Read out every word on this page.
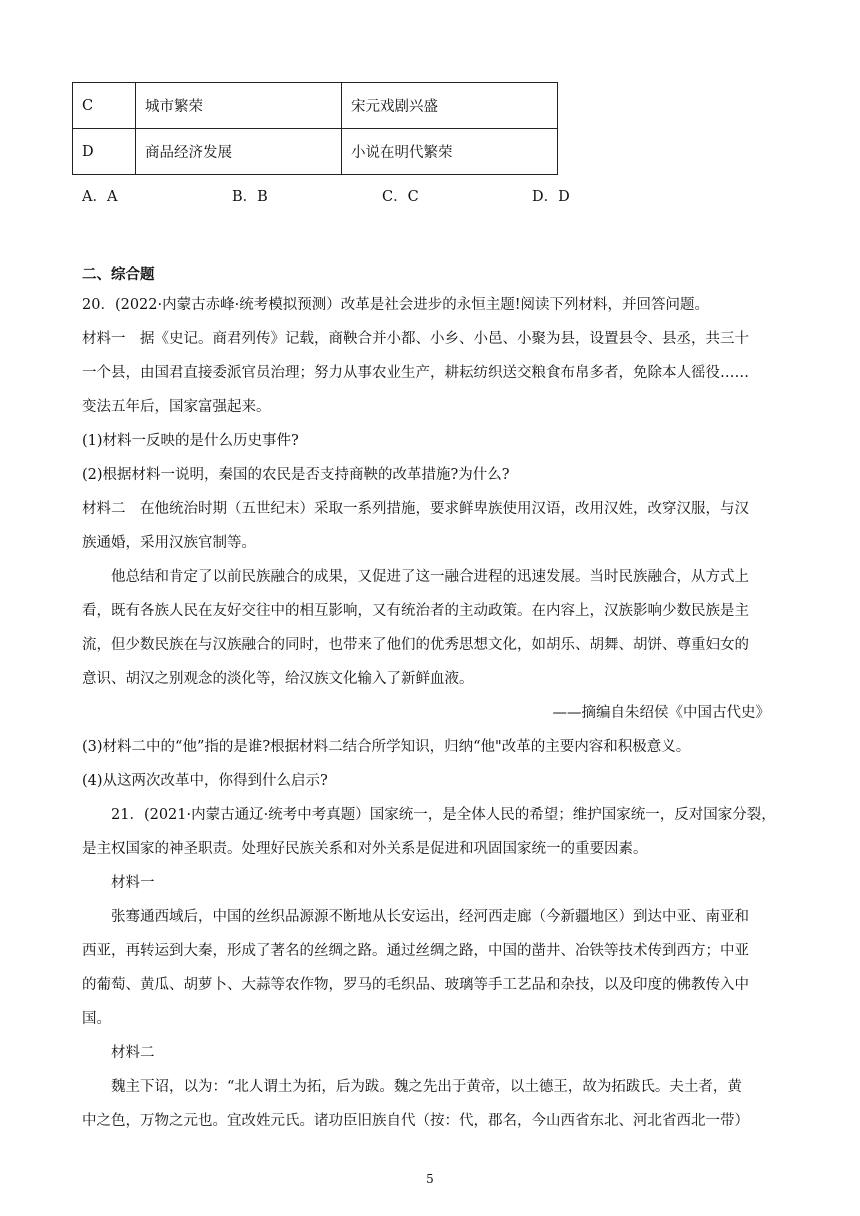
C	城市繁荣	宋元戏剧兴盛
D	商品经济发展	小说在明代繁荣
A．A	B．B	C．C	D．D
二、综合题
20．(2022·内蒙古赤峰·统考模拟预测）改革是社会进步的永恒主题!阅读下列材料，并回答问题。
材料一　据《史记。商君列传》记载，商鞅合并小都、小乡、小邑、小聚为县，设置县令、县丞，共三十
一个县，由国君直接委派官员治理；努力从事农业生产，耕耘纺织送交粮食布帛多者，免除本人徭役……
变法五年后，国家富强起来。
(1)材料一反映的是什么历史事件?
(2)根据材料一说明，秦国的农民是否支持商鞅的改革措施?为什么?
材料二　在他统治时期（五世纪末）采取一系列措施，要求鲜卑族使用汉语，改用汉姓，改穿汉服，与汉
族通婚，采用汉族官制等。
他总结和肯定了以前民族融合的成果，又促进了这一融合进程的迅速发展。当时民族融合，从方式上
看，既有各族人民在友好交往中的相互影响，又有统治者的主动政策。在内容上，汉族影响少数民族是主
流，但少数民族在与汉族融合的同时，也带来了他们的优秀思想文化，如胡乐、胡舞、胡饼、尊重妇女的
意识、胡汉之别观念的淡化等，给汉族文化输入了新鲜血液。
——摘编自朱绍侯《中国古代史》
(3)材料二中的“他”指的是谁?根据材料二结合所学知识，归纳“他"改革的主要内容和积极意义。
(4)从这两次改革中，你得到什么启示?
21．(2021·内蒙古通辽·统考中考真题）国家统一，是全体人民的希望；维护国家统一，反对国家分裂，
是主权国家的神圣职责。处理好民族关系和对外关系是促进和巩固国家统一的重要因素。
材料一
张骞通西域后，中国的丝织品源源不断地从长安运出，经河西走廊（今新疆地区）到达中亚、南亚和
西亚，再转运到大秦，形成了著名的丝绸之路。通过丝绸之路，中国的凿井、冶铁等技术传到西方；中亚
的葡萄、黄瓜、胡萝卜、大蒜等农作物，罗马的毛织品、玻璃等手工艺品和杂技，以及印度的佛教传入中
国。
材料二
魏主下诏，以为：“北人谓土为拓，后为跋。魏之先出于黄帝，以土德王，故为拓跋氏。夫土者，黄
中之色，万物之元也。宜改姓元氏。诸功臣旧族自代（按：代，郡名，今山西省东北、河北省西北一带）
5
